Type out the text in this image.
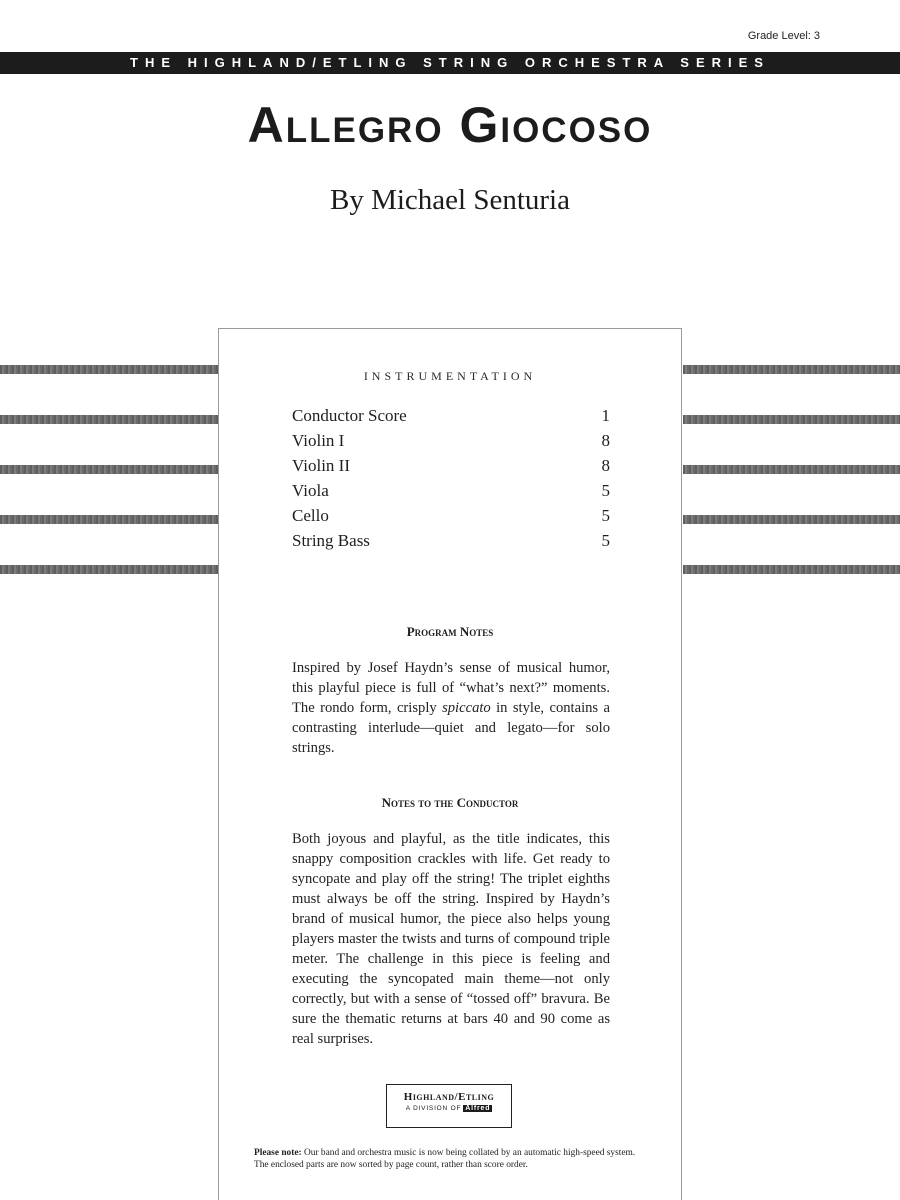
Grade Level: 3
THE HIGHLAND/ETLING STRING ORCHESTRA SERIES
Allegro Giocoso
By Michael Senturia
INSTRUMENTATION
Conductor Score	1
Violin I	8
Violin II	8
Viola	5
Cello	5
String Bass	5
Program Notes
Inspired by Josef Haydn’s sense of musical humor, this playful piece is full of “what’s next?” moments. The rondo form, crisply spiccato in style, contains a contrasting interlude—quiet and legato—for solo strings.
Notes to the Conductor
Both joyous and playful, as the title indicates, this snappy composition crackles with life. Get ready to syncopate and play off the string! The triplet eighths must always be off the string. Inspired by Haydn’s brand of musical humor, the piece also helps young players master the twists and turns of compound triple meter. The challenge in this piece is feeling and executing the syncopated main theme—not only correctly, but with a sense of “tossed off” bravura. Be sure the thematic returns at bars 40 and 90 come as real surprises.
Highland/Etling
A DIVISION OF Alfred
Please note: Our band and orchestra music is now being collated by an automatic high-speed system. The enclosed parts are now sorted by page count, rather than score order.
